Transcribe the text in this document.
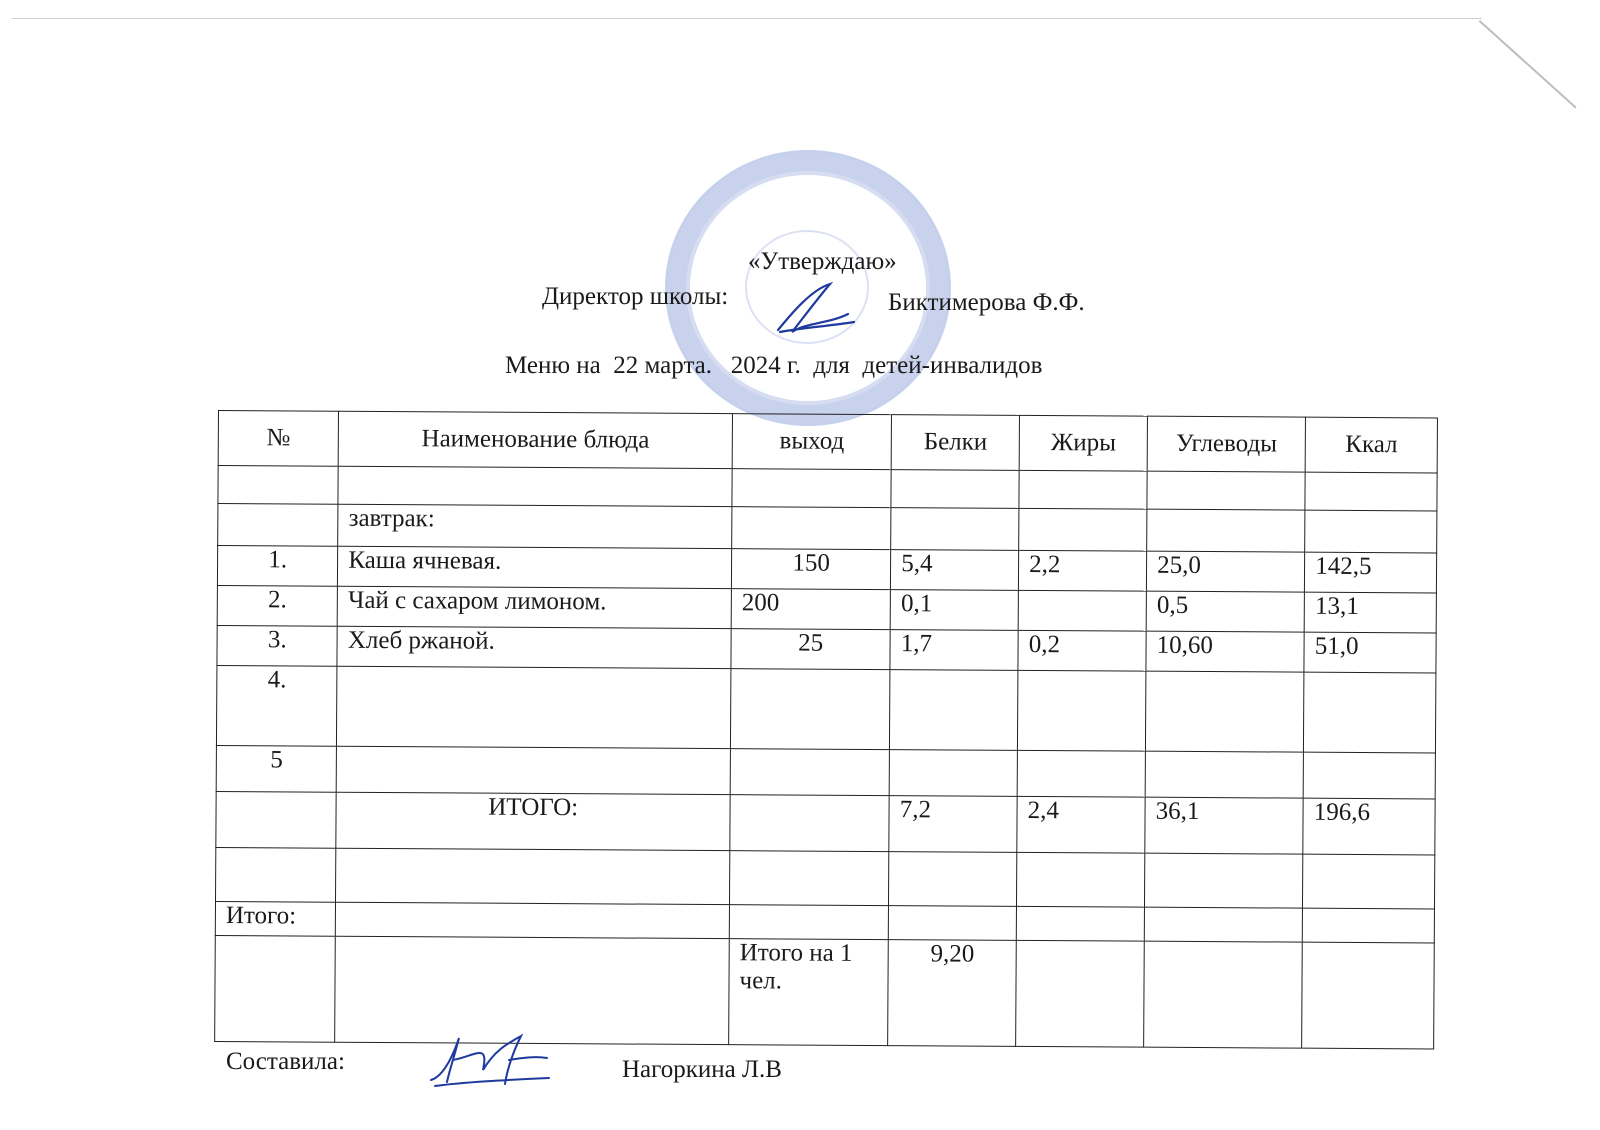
«Утверждаю»
Директор школы:	Биктимерова Ф.Ф.
Меню на 22 марта. 2024 г. для детей-инвалидов
№	Наименование блюда	выход	Белки	Жиры	Углеводы	Ккал

	завтрак:					
1.	Каша ячневая.	150	5,4	2,2	25,0	142,5
2.	Чай с сахаром лимоном.	200	0,1		0,5	13,1
3.	Хлеб ржаной.	25	1,7	0,2	10,60	51,0
4.						
5						
	ИТОГО:		7,2	2,4	36,1	196,6

Итого:						
		Итого на 1 чел.	9,20			
Составила:	Нагоркина Л.В
